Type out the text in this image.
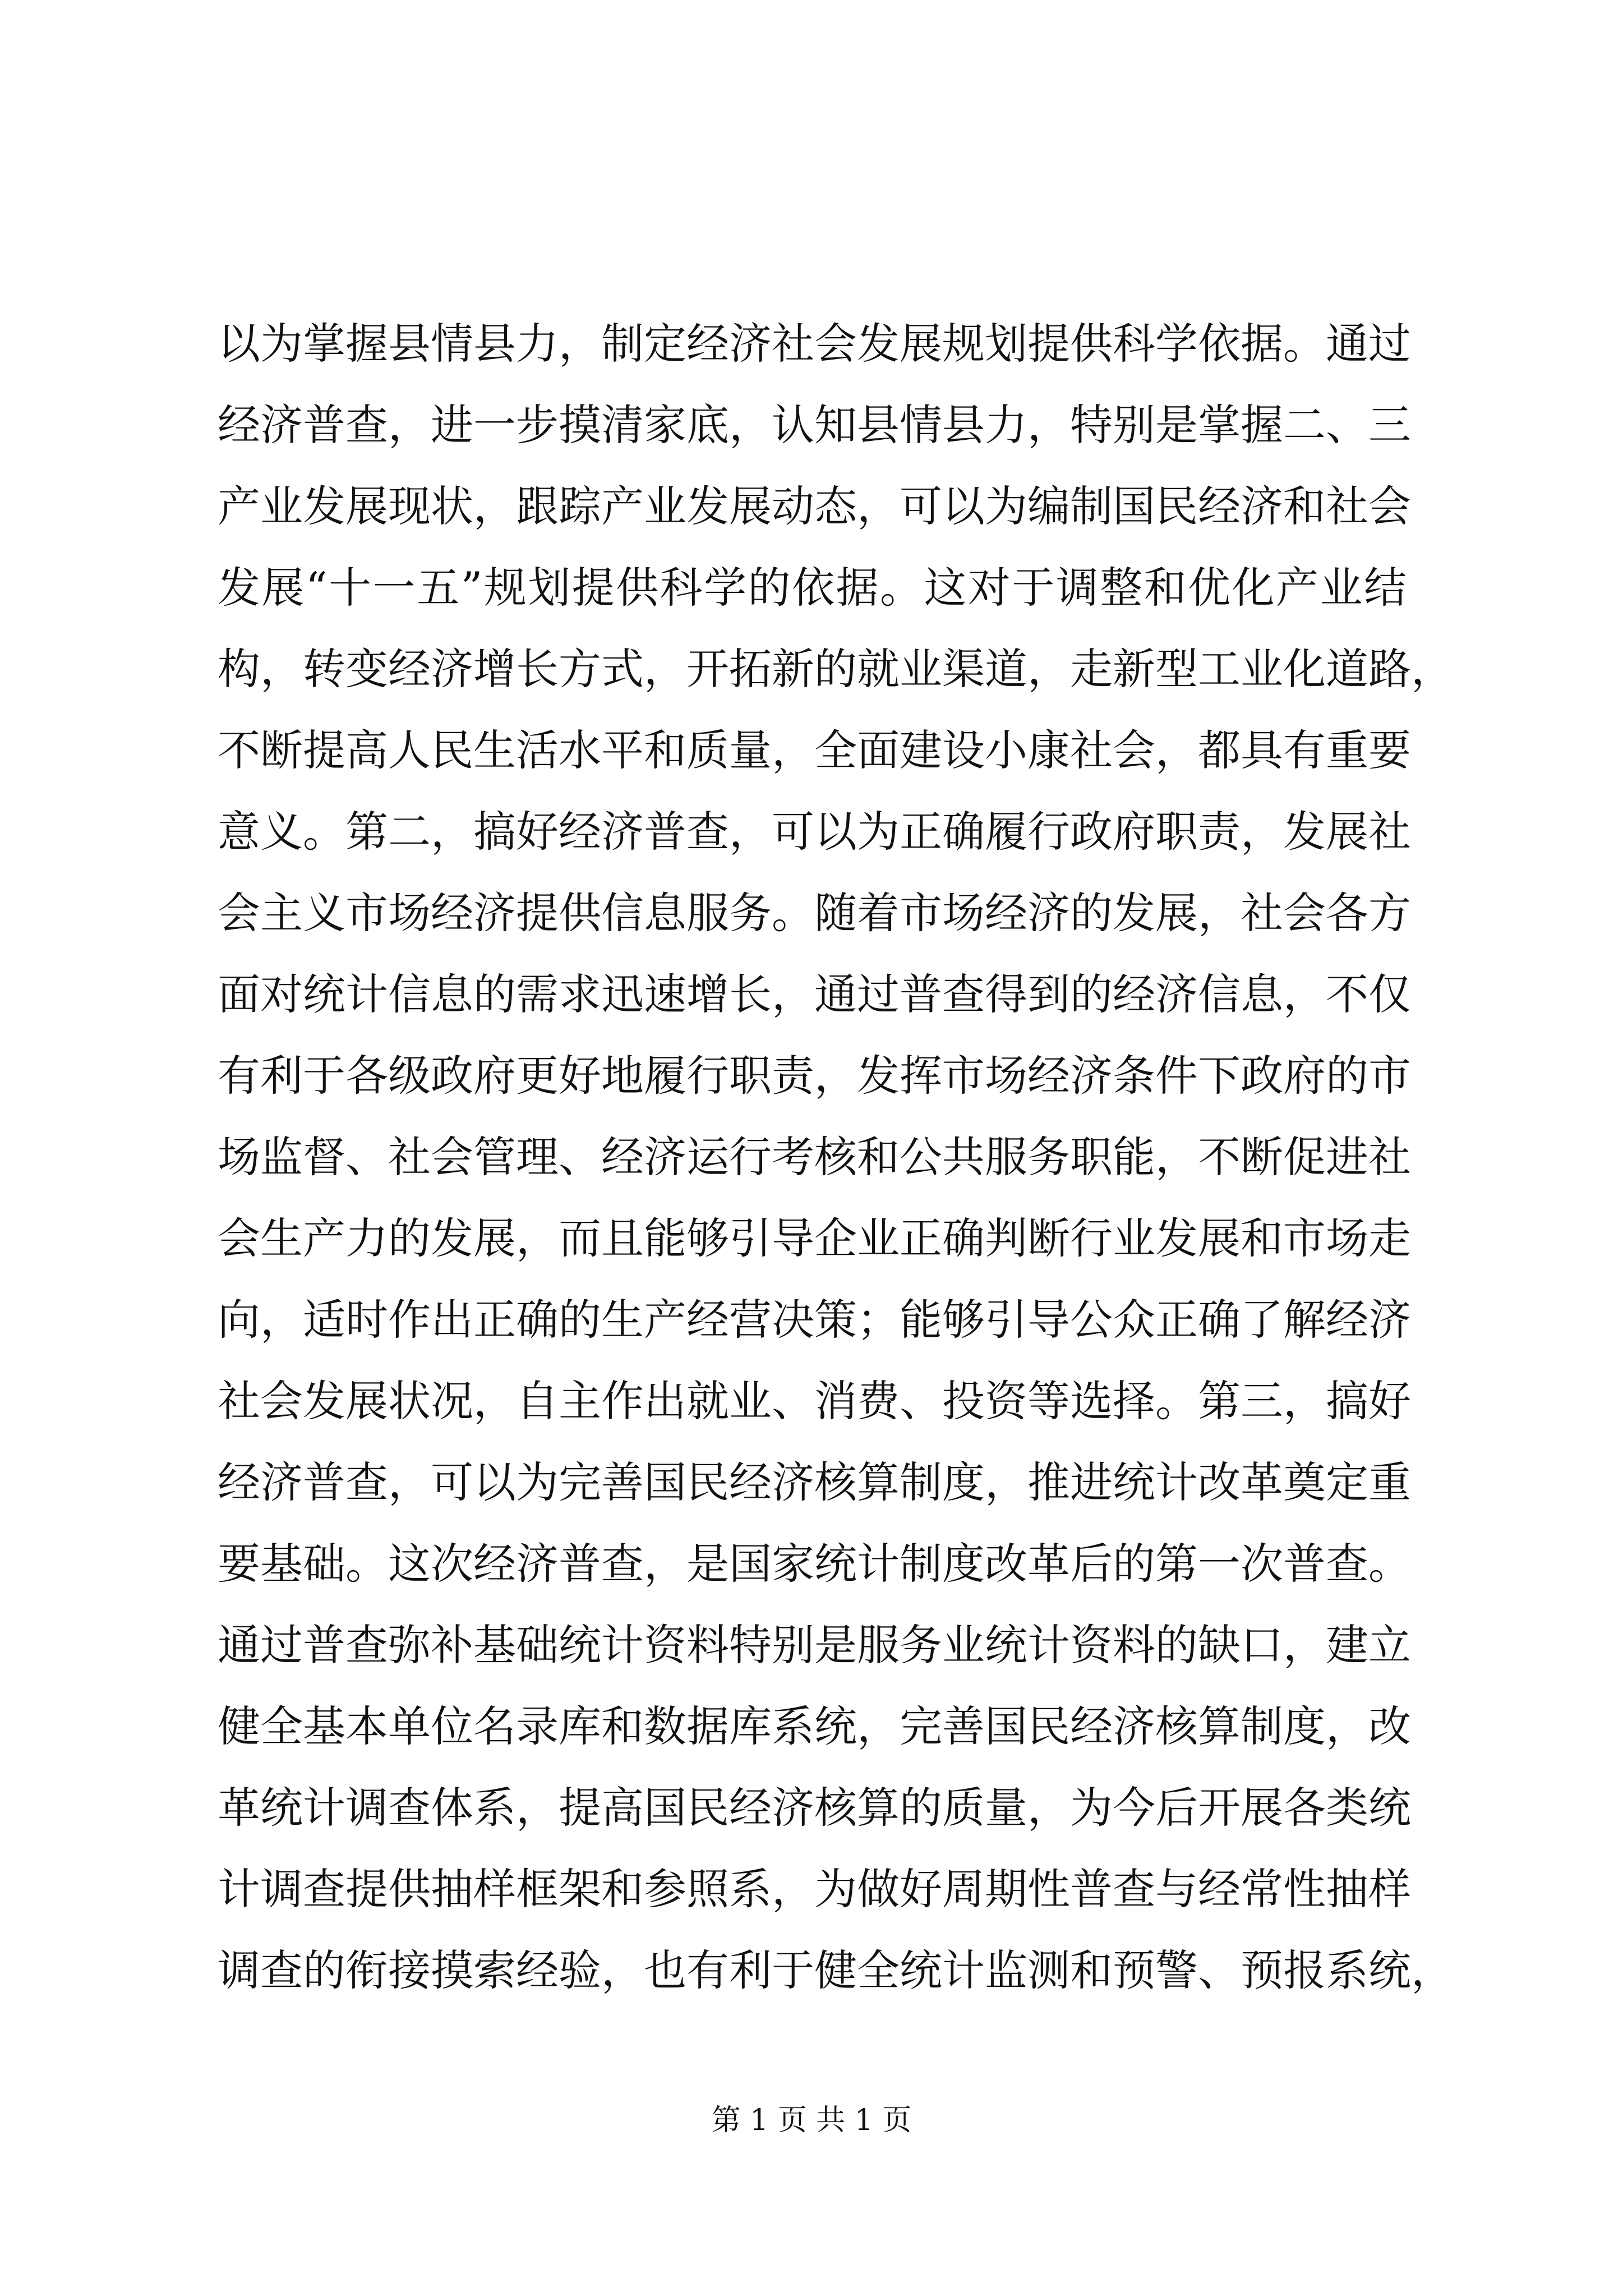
以为掌握县情县力，制定经济社会发展规划提供科学依据。通过
经济普查，进一步摸清家底，认知县情县力，特别是掌握二、三
产业发展现状，跟踪产业发展动态，可以为编制国民经济和社会
发展“十一五”规划提供科学的依据。这对于调整和优化产业结
构，转变经济增长方式，开拓新的就业渠道，走新型工业化道路，
不断提高人民生活水平和质量，全面建设小康社会，都具有重要
意义。第二，搞好经济普查，可以为正确履行政府职责，发展社
会主义市场经济提供信息服务。随着市场经济的发展，社会各方
面对统计信息的需求迅速增长，通过普查得到的经济信息，不仅
有利于各级政府更好地履行职责，发挥市场经济条件下政府的市
场监督、社会管理、经济运行考核和公共服务职能，不断促进社
会生产力的发展，而且能够引导企业正确判断行业发展和市场走
向，适时作出正确的生产经营决策；能够引导公众正确了解经济
社会发展状况，自主作出就业、消费、投资等选择。第三，搞好
经济普查，可以为完善国民经济核算制度，推进统计改革奠定重
要基础。这次经济普查，是国家统计制度改革后的第一次普查。
通过普查弥补基础统计资料特别是服务业统计资料的缺口，建立
健全基本单位名录库和数据库系统，完善国民经济核算制度，改
革统计调查体系，提高国民经济核算的质量，为今后开展各类统
计调查提供抽样框架和参照系，为做好周期性普查与经常性抽样
调查的衔接摸索经验，也有利于健全统计监测和预警、预报系统，
第 1 页 共 1 页
